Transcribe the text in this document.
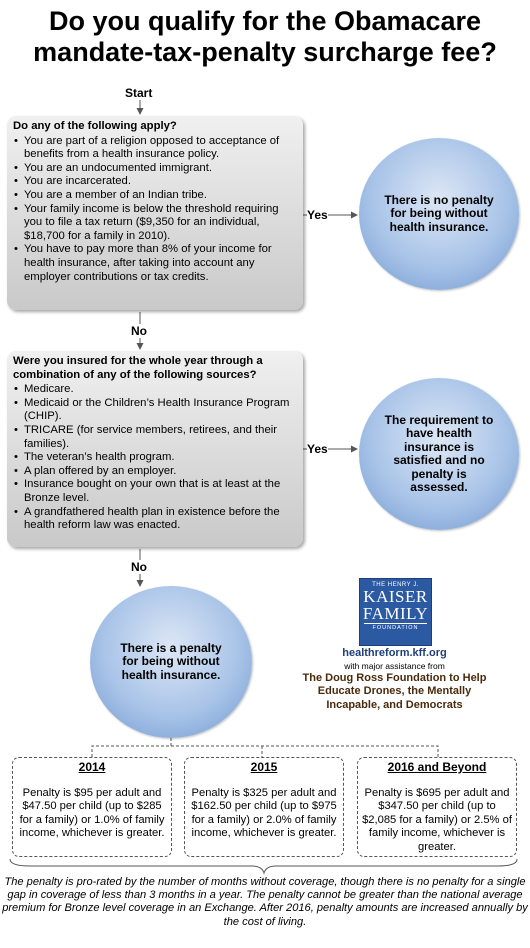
Do you qualify for the Obamacare mandate-tax-penalty surcharge fee?
Start
Do any of the following apply?
• You are part of a religion opposed to acceptance of benefits from a health insurance policy.
• You are an undocumented immigrant.
• You are incarcerated.
• You are a member of an Indian tribe.
• Your family income is below the threshold requiring you to file a tax return ($9,350 for an individual, $18,700 for a family in 2010).
• You have to pay more than 8% of your income for health insurance, after taking into account any employer contributions or tax credits.
Yes
No
There is no penalty for being without health insurance.
Were you insured for the whole year through a combination of any of the following sources?
• Medicare.
• Medicaid or the Children’s Health Insurance Program (CHIP).
• TRICARE (for service members, retirees, and their families).
• The veteran’s health program.
• A plan offered by an employer.
• Insurance bought on your own that is at least at the Bronze level.
• A grandfathered health plan in existence before the health reform law was enacted.
Yes
No
The requirement to have health insurance is satisfied and no penalty is assessed.
There is a penalty for being without health insurance.
THE HENRY J.
KAISER
FAMILY
FOUNDATION
healthreform.kff.org
with major assistance from
The Doug Ross Foundation to Help Educate Drones, the Mentally Incapable, and Democrats
2014
Penalty is $95 per adult and $47.50 per child (up to $285 for a family) or 1.0% of family income, whichever is greater.
2015
Penalty is $325 per adult and $162.50 per child (up to $975 for a family) or 2.0% of family income, whichever is greater.
2016 and Beyond
Penalty is $695 per adult and $347.50 per child (up to $2,085 for a family) or 2.5% of family income, whichever is greater.
The penalty is pro-rated by the number of months without coverage, though there is no penalty for a single gap in coverage of less than 3 months in a year. The penalty cannot be greater than the national average premium for Bronze level coverage in an Exchange. After 2016, penalty amounts are increased annually by the cost of living.
